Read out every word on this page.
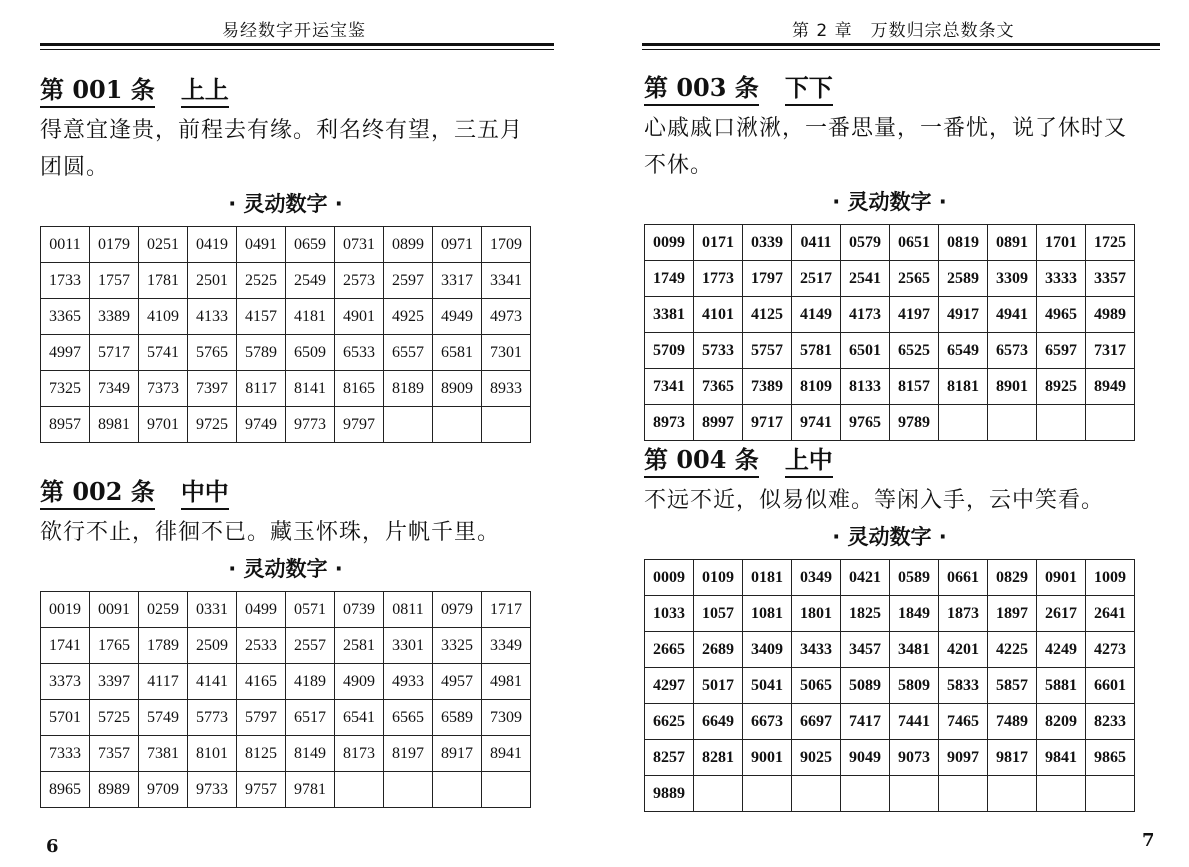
易经数字开运宝鉴
第 001 条 上上
得意宜逢贵，前程去有缘。利名终有望，三五月
团圆。
· 灵动数字 ·
0011	0179	0251	0419	0491	0659	0731	0899	0971	1709
1733	1757	1781	2501	2525	2549	2573	2597	3317	3341
3365	3389	4109	4133	4157	4181	4901	4925	4949	4973
4997	5717	5741	5765	5789	6509	6533	6557	6581	7301
7325	7349	7373	7397	8117	8141	8165	8189	8909	8933
8957	8981	9701	9725	9749	9773	9797			
第 002 条 中中
欲行不止，徘徊不已。藏玉怀珠，片帆千里。
· 灵动数字 ·
0019	0091	0259	0331	0499	0571	0739	0811	0979	1717
1741	1765	1789	2509	2533	2557	2581	3301	3325	3349
3373	3397	4117	4141	4165	4189	4909	4933	4957	4981
5701	5725	5749	5773	5797	6517	6541	6565	6589	7309
7333	7357	7381	8101	8125	8149	8173	8197	8917	8941
8965	8989	9709	9733	9757	9781				
6
第 2 章　万数归宗总数条文
第 003 条 下下
心戚戚口湫湫，一番思量，一番忧，说了休时又
不休。
· 灵动数字 ·
0099	0171	0339	0411	0579	0651	0819	0891	1701	1725
1749	1773	1797	2517	2541	2565	2589	3309	3333	3357
3381	4101	4125	4149	4173	4197	4917	4941	4965	4989
5709	5733	5757	5781	6501	6525	6549	6573	6597	7317
7341	7365	7389	8109	8133	8157	8181	8901	8925	8949
8973	8997	9717	9741	9765	9789				
第 004 条 上中
不远不近，似易似难。等闲入手，云中笑看。
· 灵动数字 ·
0009	0109	0181	0349	0421	0589	0661	0829	0901	1009
1033	1057	1081	1801	1825	1849	1873	1897	2617	2641
2665	2689	3409	3433	3457	3481	4201	4225	4249	4273
4297	5017	5041	5065	5089	5809	5833	5857	5881	6601
6625	6649	6673	6697	7417	7441	7465	7489	8209	8233
8257	8281	9001	9025	9049	9073	9097	9817	9841	9865
9889									
7
